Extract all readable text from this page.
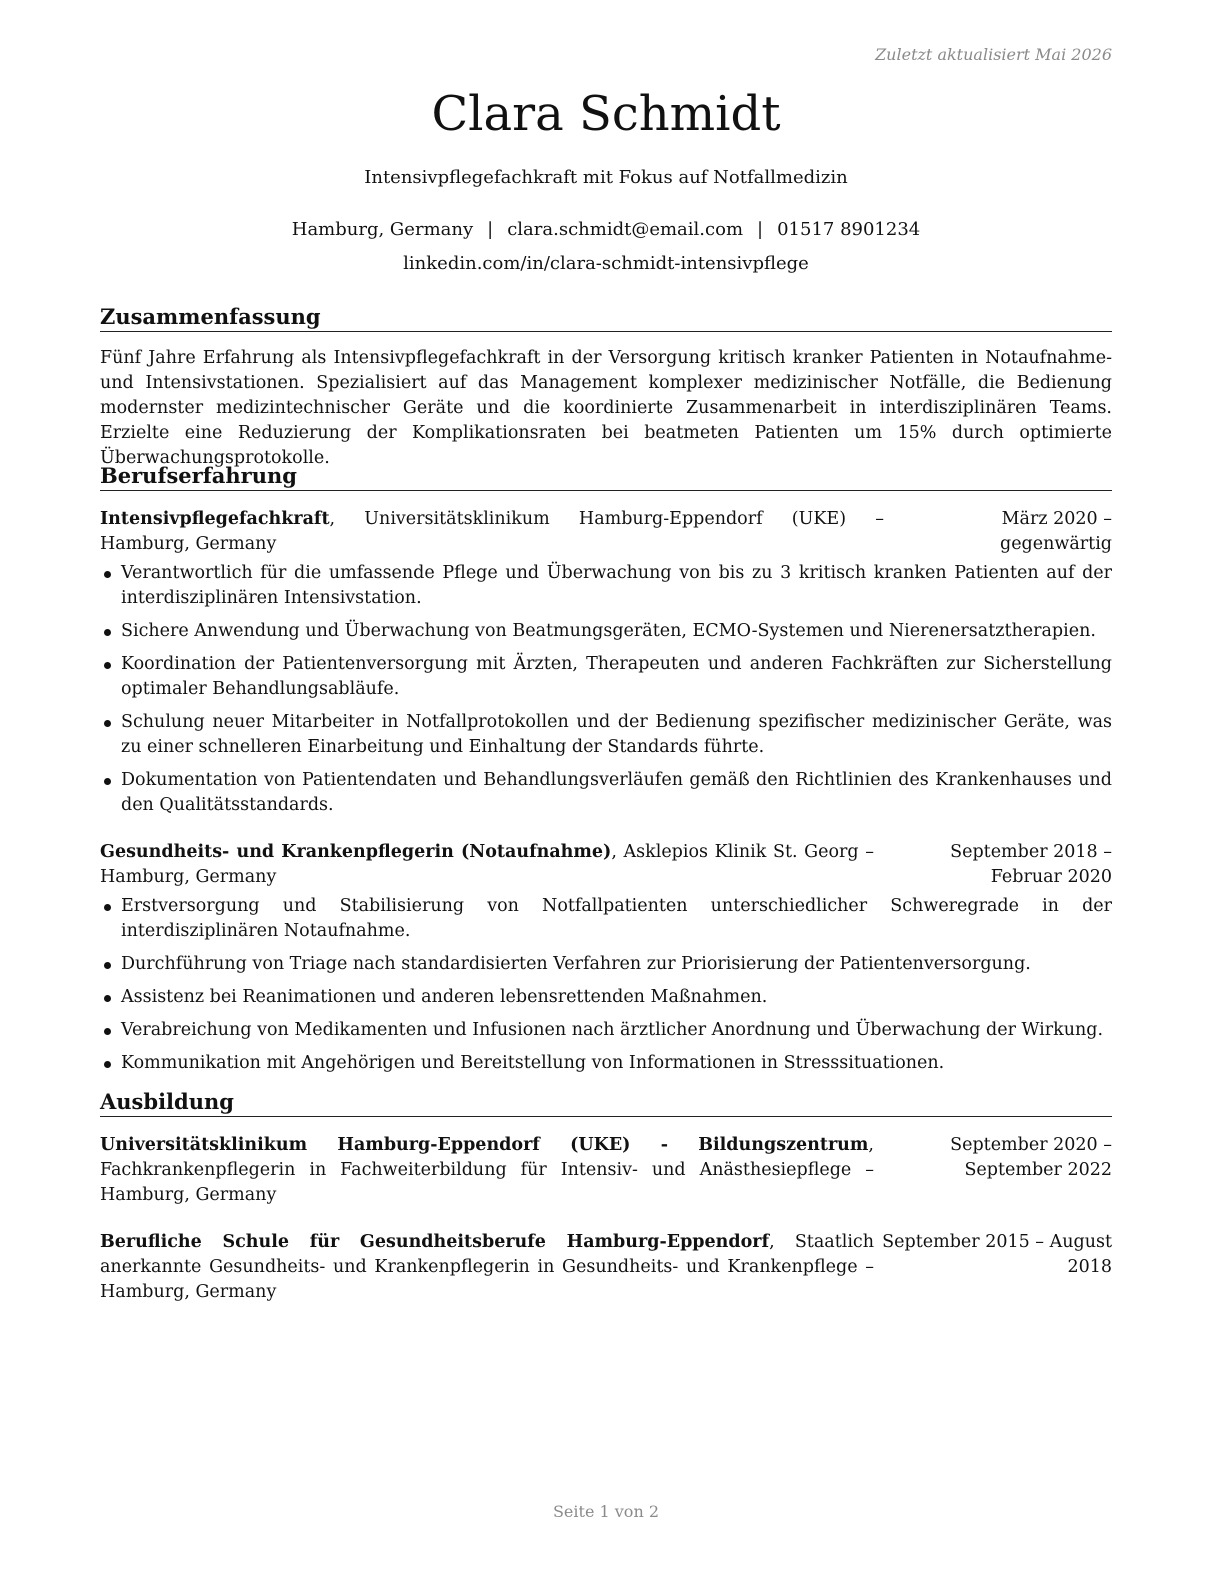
Zuletzt aktualisiert Mai 2026
Clara Schmidt
Intensivpflegefachkraft mit Fokus auf Notfallmedizin
Hamburg, Germany | clara.schmidt@email.com | 01517 8901234
linkedin.com/in/clara-schmidt-intensivpflege
Zusammenfassung

Fünf Jahre Erfahrung als Intensivpflegefachkraft in der Versorgung kritisch kranker Patienten in Notaufnahme- und Intensivstationen. Spezialisiert auf das Management komplexer medizinischer Notfälle, die Bedienung modernster medizintechnischer Geräte und die koordinierte Zusammenarbeit in interdisziplinären Teams. Erzielte eine Reduzierung der Komplikationsraten bei beatmeten Patienten um 15% durch optimierte Überwachungsprotokolle.

Berufserfahrung
Intensivpflegefachkraft, Universitätsklinikum Hamburg-Eppendorf (UKE) – Hamburg, Germany
März 2020 – gegenwärtig
Verantwortlich für die umfassende Pflege und Überwachung von bis zu 3 kritisch kranken Patienten auf der interdisziplinären Intensivstation.
Sichere Anwendung und Überwachung von Beatmungsgeräten, ECMO-Systemen und Nierenersatztherapien.
Koordination der Patientenversorgung mit Ärzten, Therapeuten und anderen Fachkräften zur Sicherstellung optimaler Behandlungsabläufe.
Schulung neuer Mitarbeiter in Notfallprotokollen und der Bedienung spezifischer medizinischer Geräte, was zu einer schnelleren Einarbeitung und Einhaltung der Standards führte.
Dokumentation von Patientendaten und Behandlungsverläufen gemäß den Richtlinien des Krankenhauses und den Qualitätsstandards.
Gesundheits- und Krankenpflegerin (Notaufnahme), Asklepios Klinik St. Georg – Hamburg, Germany
September 2018 – Februar 2020
Erstversorgung und Stabilisierung von Notfallpatienten unterschiedlicher Schweregrade in der interdisziplinären Notaufnahme.
Durchführung von Triage nach standardisierten Verfahren zur Priorisierung der Patientenversorgung.
Assistenz bei Reanimationen und anderen lebensrettenden Maßnahmen.
Verabreichung von Medikamenten und Infusionen nach ärztlicher Anordnung und Überwachung der Wirkung.
Kommunikation mit Angehörigen und Bereitstellung von Informationen in Stresssituationen.
Ausbildung
Universitätsklinikum Hamburg-Eppendorf (UKE) - Bildungszentrum, Fachkrankenpflegerin in Fachweiterbildung für Intensiv- und Anästhesiepflege – Hamburg, Germany
September 2020 – September 2022
Berufliche Schule für Gesundheitsberufe Hamburg-Eppendorf, Staatlich anerkannte Gesundheits- und Krankenpflegerin in Gesundheits- und Krankenpflege – Hamburg, Germany
September 2015 – August 2018
Seite 1 von 2
